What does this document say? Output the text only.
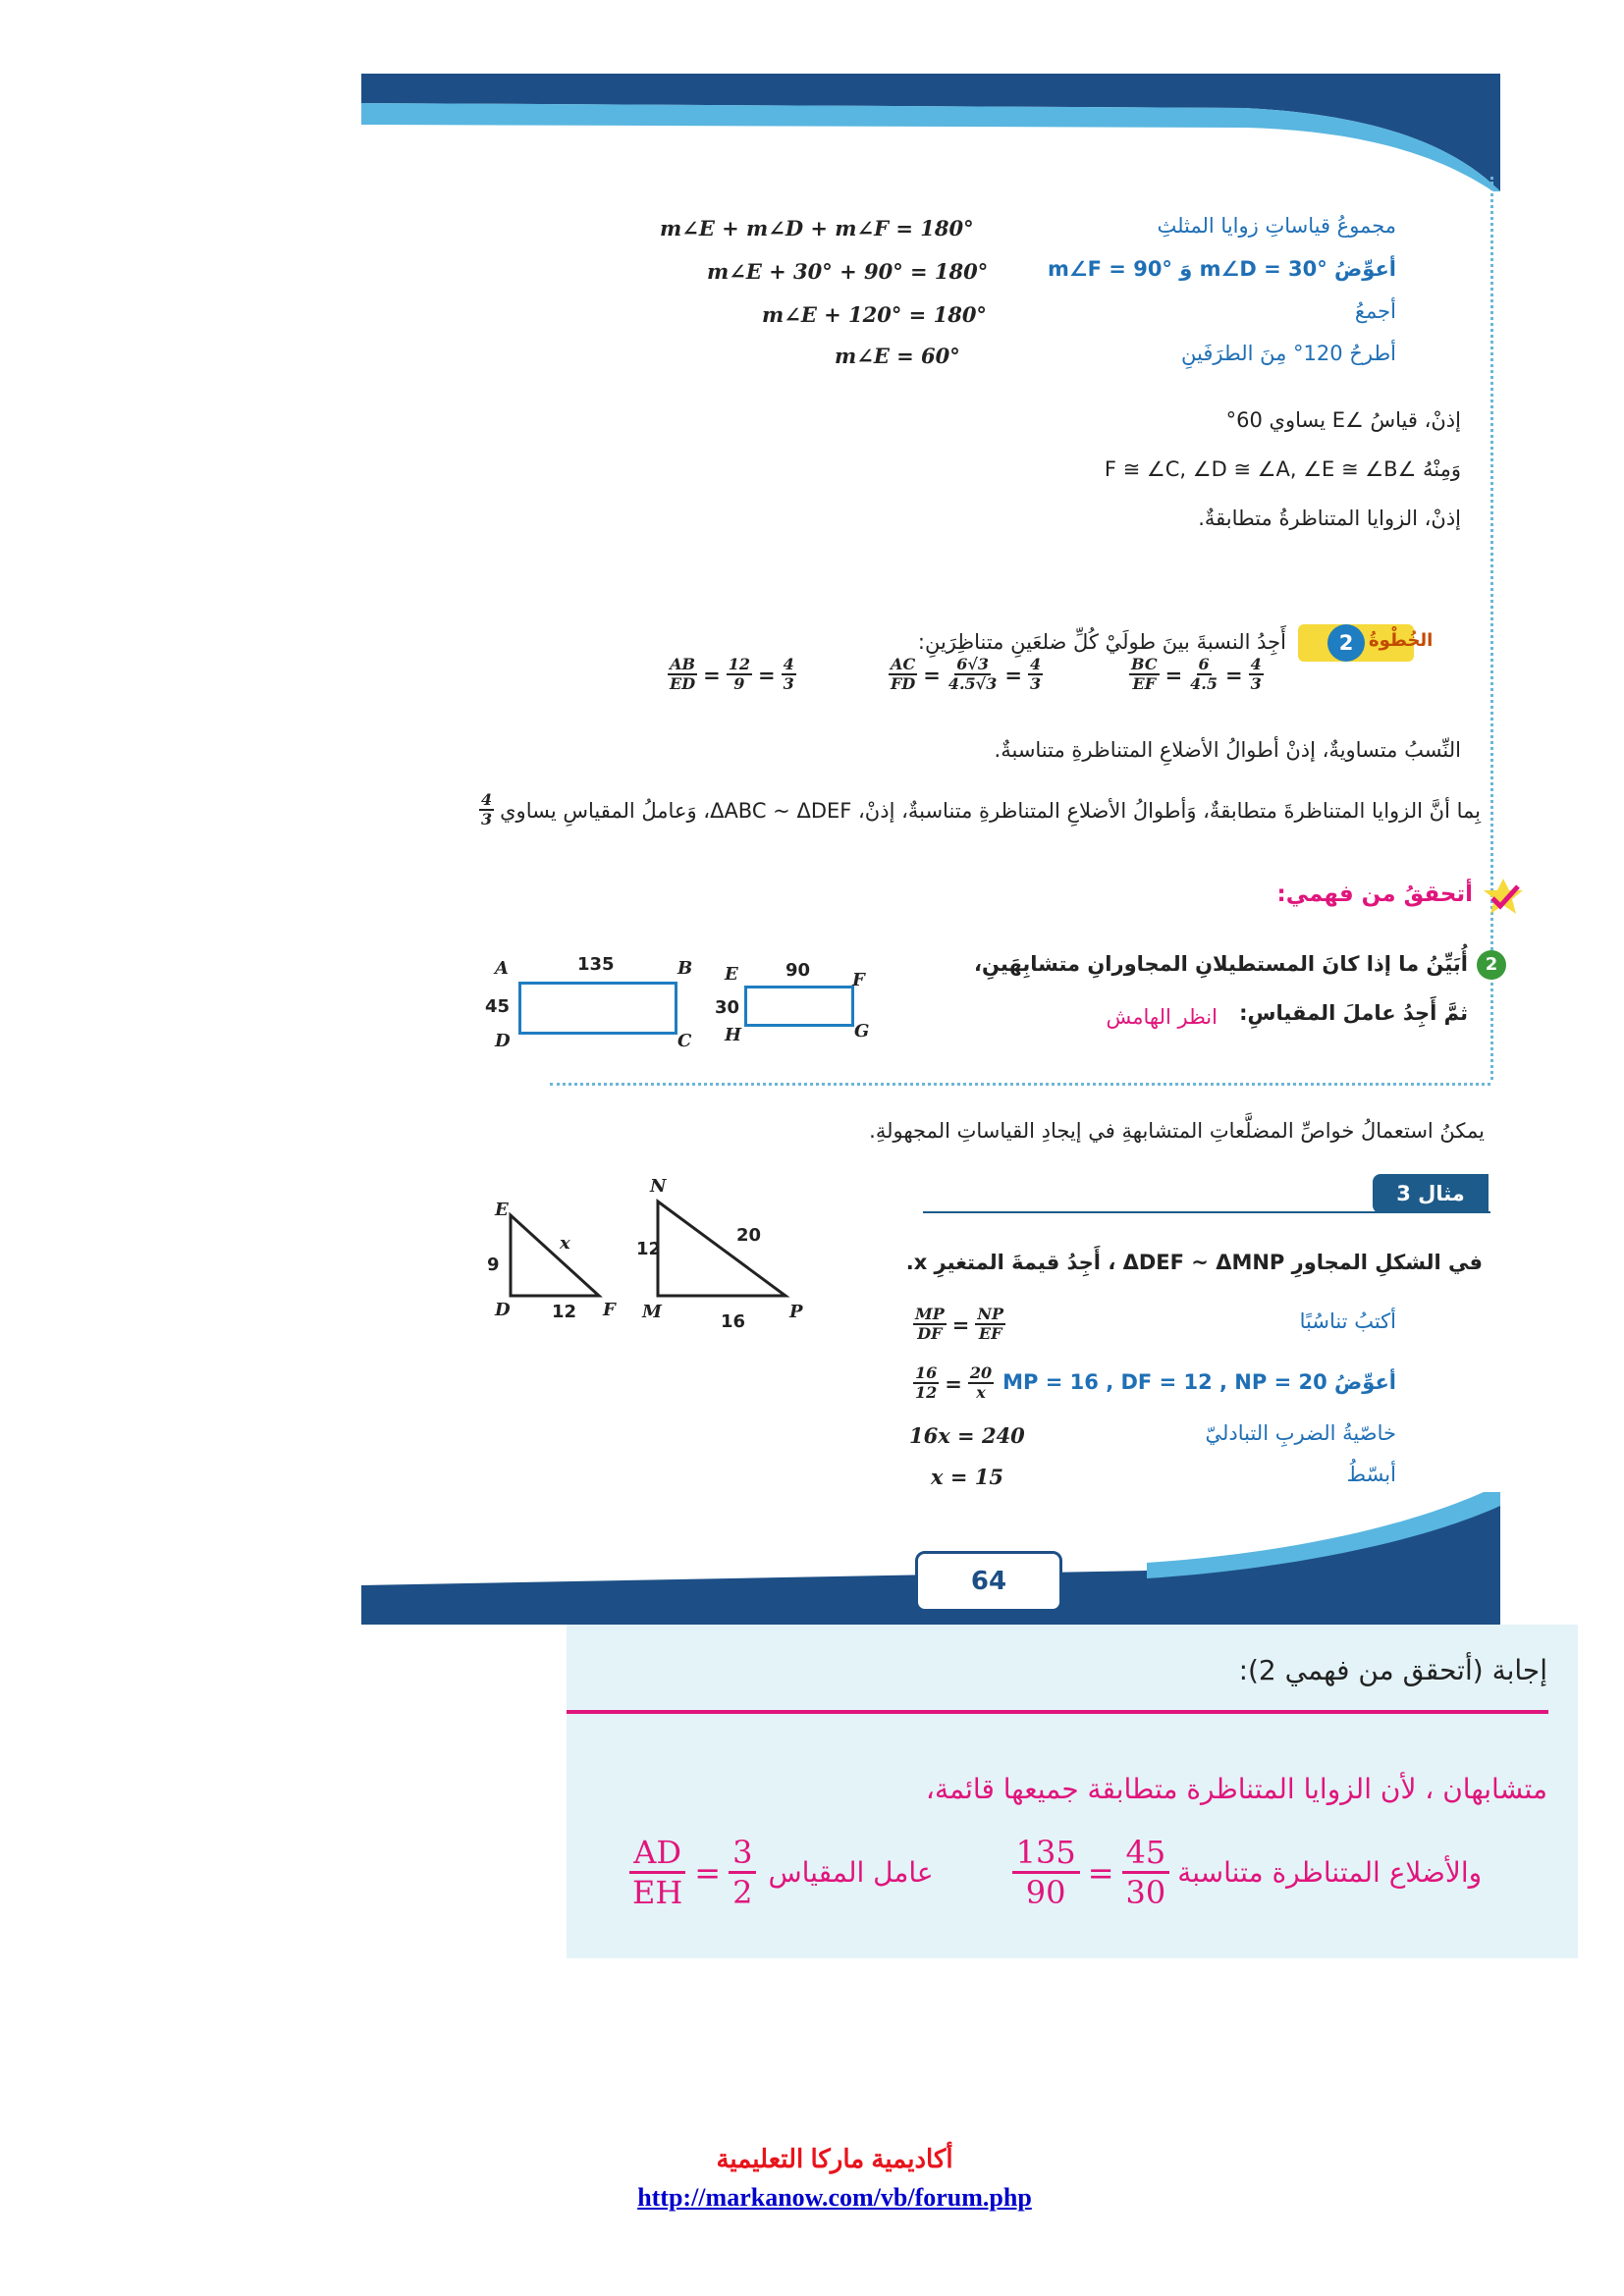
مجموعُ قياساتِ زوايا المثلثِ
m∠E + m∠D + m∠F = 180°
أعوِّضُ m∠D = 30° وَ m∠F = 90°
m∠E + 30° + 90° = 180°
أجمعُ
m∠E + 120° = 180°
أطرحُ 120° مِنَ الطرَفَينِ
m∠E = 60°
إذنْ، قياسُ ∠E يساوي 60°
وَمِنْهُ ∠F ≅ ∠C, ∠D ≅ ∠A, ∠E ≅ ∠B
إذنْ، الزوايا المتناظرةُ متطابقةٌ.
الخُطْوةُ
2
أَجِدُ النسبةَ بينَ طولَيْ كُلِّ ضلعَينِ متناظِرَينِ:
$\frac{AB}{ED} = \frac{12}{9} = \frac{4}{3}$	$\frac{AC}{FD} = \frac{6√3}{4.5√3} = \frac{4}{3}$	$\frac{BC}{EF} = \frac{6}{4.5} = \frac{4}{3}$
النِّسبُ متساويةٌ، إذنْ أطوالُ الأضلاعِ المتناظرةِ متناسبةٌ.
بِما أنَّ الزوايا المتناظرةَ متطابقةٌ، وَأطوالُ الأضلاعِ المتناظرةِ متناسبةٌ، إذنْ، ΔABC ~ ΔDEF، وَعاملُ المقياسِ يساوي
$\frac{4}{3}$
أتحققُ من فهمي:
2
أُبَيِّنُ ما إذا كانَ المستطيلانِ المجاورانِ متشابِهَينِ،
ثمَّ أَجِدُ عاملَ المقياسِ:
انظر الهامش
A	B
C
D
135
45
E	F
G
H
90
30
يمكنُ استعمالُ خواصِّ المضلَّعاتِ المتشابهةِ في إيجادِ القياساتِ المجهولةِ.
مثال 3
في الشكلِ المجاورِ ΔDEF ~ ΔMNP ، أَجِدُ قيمةَ المتغيرِ x.
أكتبُ تناسُبًا
$\frac{MP}{DF} = \frac{NP}{EF}$
أعوِّضُ MP = 16 , DF = 12 , NP = 20
$\frac{16}{12} = \frac{20}{x}$
خاصّيةُ الضربِ التبادليّ
16x = 240
أبسّطُ
x = 15
E
D	F
x
9
12
N
M	P
20
12
16
64
إجابة (أتحقق من فهمي 2):
متشابهان ، لأن الزوايا المتناظرة متطابقة جميعها قائمة،
$\frac{AD}{EH} = \frac{3}{2}$ عامل المقياس	$\frac{135}{90} = \frac{45}{30}$ والأضلاع المتناظرة متناسبة
أكاديمية ماركا التعليمية
http://markanow.com/vb/forum.php
